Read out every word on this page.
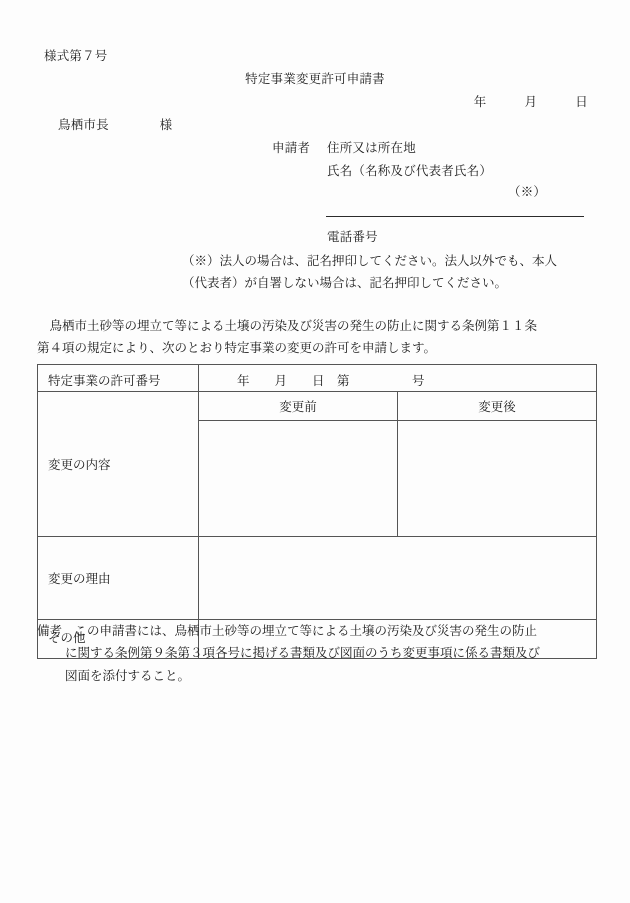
様式第７号
特定事業変更許可申請書
年　　　月　　　日
鳥栖市長　　　　様
申請者 住所又は所在地
氏名（名称及び代表者氏名）
（※）
電話番号
（※）法人の場合は、記名押印してください。法人以外でも、本人
（代表者）が自署しない場合は、記名押印してください。
　鳥栖市土砂等の埋立て等による土壌の汚染及び災害の発生の防止に関する条例第１１条
第４項の規定により、次のとおり特定事業の変更の許可を申請します。
特定事業の許可番号	年　　月　　日　第　　　　　号	

変更の内容	変更前	変更後

変更の理由		

その他		

備考　 この申請書には、鳥栖市土砂等の埋立て等による土壌の汚染及び災害の発生の防止
に関する条例第９条第３項各号に掲げる書類及び図面のうち変更事項に係る書類及び
図面を添付すること。
